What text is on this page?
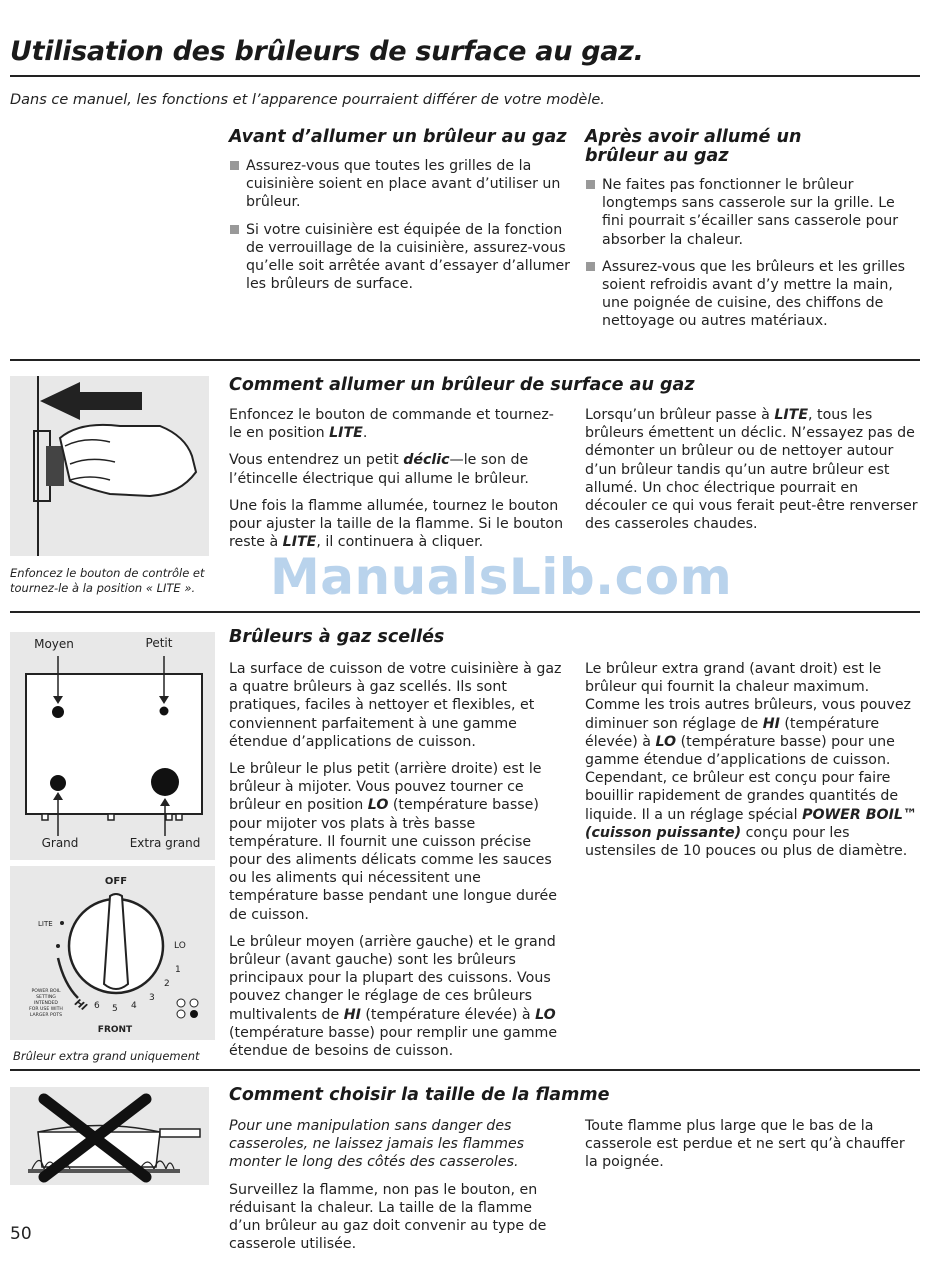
Utilisation des brûleurs de surface au gaz.
Dans ce manuel, les fonctions et l’apparence pourraient différer de votre modèle.
Avant d’allumer un brûleur au gaz
Assurez-vous que toutes les grilles de la cuisinière soient en place avant d’utiliser un brûleur.
Si votre cuisinière est équipée de la fonction de verrouillage de la cuisinière, assurez-vous qu’elle soit arrêtée avant d’essayer d’allumer les brûleurs de surface.
Après avoir allumé un brûleur au gaz
Ne faites pas fonctionner le brûleur longtemps sans casserole sur la grille. Le fini pourrait s’écailler sans casserole pour absorber la chaleur.
Assurez-vous que les brûleurs et les grilles soient refroidis avant d’y mettre la main, une poignée de cuisine, des chiffons de nettoyage ou autres matériaux.
Enfoncez le bouton de contrôle et tournez-le à la position « LITE ».
Comment allumer un brûleur de surface au gaz

Enfoncez le bouton de commande et tournez-le en position LITE.

Vous entendrez un petit déclic—le son de l’étincelle électrique qui allume le brûleur.

Une fois la flamme allumée, tournez le bouton pour ajuster la taille de la flamme. Si le bouton reste à LITE, il continuera à cliquer.

Lorsqu’un brûleur passe à LITE, tous les brûleurs émettent un déclic. N’essayez pas de démonter un brûleur ou de nettoyer autour d’un brûleur tandis qu’un autre brûleur est allumé. Un choc électrique pourrait en découler ce qui vous ferait peut-être renverser des casseroles chaudes.

Moyen	Petit
Grand	Extra grand
OFF
LITE
LO
1
2
3
4
5
6
HI
POWER BOIL
SETTING
INTENDED
FOR USE WITH
LARGER POTS
FRONT
Brûleur extra grand uniquement
Brûleurs à gaz scellés

La surface de cuisson de votre cuisinière à gaz a quatre brûleurs à gaz scellés. Ils sont pratiques, faciles à nettoyer et flexibles, et conviennent parfaitement à une gamme étendue d’applications de cuisson.

Le brûleur le plus petit (arrière droite) est le brûleur à mijoter. Vous pouvez tourner ce brûleur en position LO (température basse) pour mijoter vos plats à très basse température. Il fournit une cuisson précise pour des aliments délicats comme les sauces ou les aliments qui nécessitent une température basse pendant une longue durée de cuisson.

Le brûleur moyen (arrière gauche) et le grand brûleur (avant gauche) sont les brûleurs principaux pour la plupart des cuissons. Vous pouvez changer le réglage de ces brûleurs multivalents de HI (température élevée) à LO (température basse) pour remplir une gamme étendue de besoins de cuisson.

Le brûleur extra grand (avant droit) est le brûleur qui fournit la chaleur maximum. Comme les trois autres brûleurs, vous pouvez diminuer son réglage de HI (température élevée) à LO (température basse) pour une gamme étendue d’applications de cuisson. Cependant, ce brûleur est conçu pour faire bouillir rapidement de grandes quantités de liquide. Il a un réglage spécial POWER BOIL™ (cuisson puissante) conçu pour les ustensiles de 10 pouces ou plus de diamètre.

Comment choisir la taille de la flamme

Pour une manipulation sans danger des casseroles, ne laissez jamais les flammes monter le long des côtés des casseroles.

Surveillez la flamme, non pas le bouton, en réduisant la chaleur. La taille de la flamme d’un brûleur au gaz doit convenir au type de casserole utilisée.

Toute flamme plus large que le bas de la casserole est perdue et ne sert qu’à chauffer la poignée.

ManualsLib.com
50
